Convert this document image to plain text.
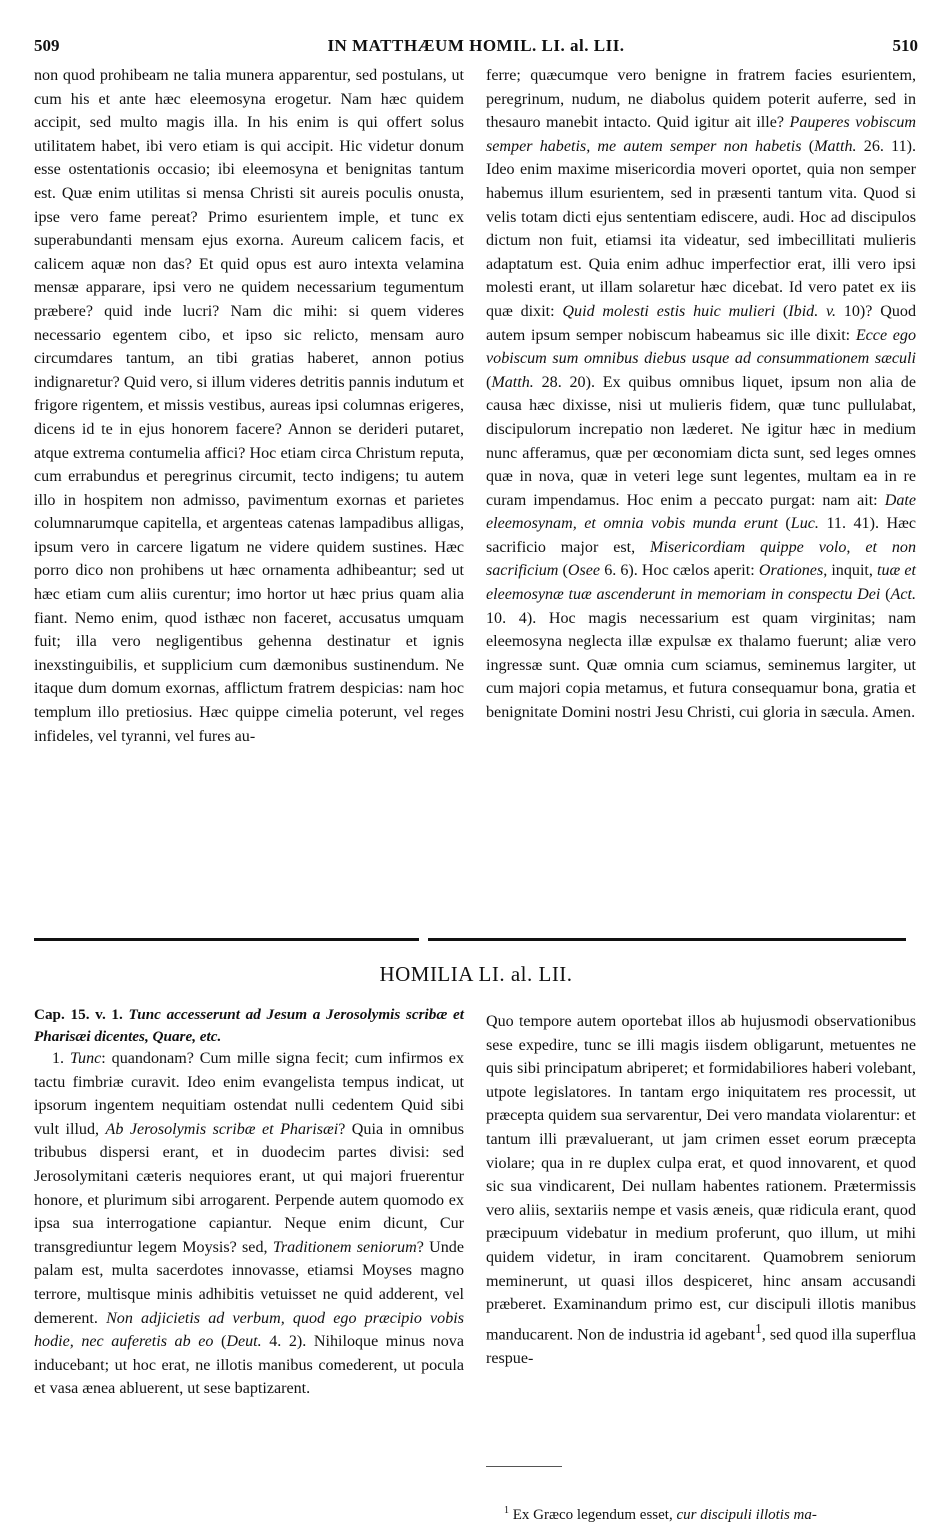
509	IN MATTHÆUM HOMIL. LI. al. LII.	510

non quod prohibeam ne talia munera apparentur, sed postulans, ut cum his et ante hæc eleemosyna erogetur. Nam hæc quidem accipit, sed multo magis illa. In his enim is qui offert solus utilitatem habet, ibi vero etiam is qui accipit. Hic videtur donum esse ostentationis occasio; ibi eleemosyna et benignitas tantum est. Quæ enim utilitas si mensa Christi sit aureis poculis onusta, ipse vero fame pereat? Primo esurientem imple, et tunc ex superabundanti mensam ejus exorna. Aureum calicem facis, et calicem aquæ non das? Et quid opus est auro intexta velamina mensæ apparare, ipsi vero ne quidem necessarium tegumentum præbere? quid inde lucri? Nam dic mihi: si quem videres necessario egentem cibo, et ipso sic relicto, mensam auro circumdares tantum, an tibi gratias haberet, annon potius indignaretur? Quid vero, si illum videres detritis pannis indutum et frigore rigentem, et missis vestibus, aureas ipsi columnas erigeres, dicens id te in ejus honorem facere? Annon se derideri putaret, atque extrema contumelia affici? Hoc etiam circa Christum reputa, cum errabundus et peregrinus circumit, tecto indigens; tu autem illo in hospitem non admisso, pavimentum exornas et parietes columnarumque capitella, et argenteas catenas lampadibus alligas, ipsum vero in carcere ligatum ne videre quidem sustines. Hæc porro dico non prohibens ut hæc ornamenta adhibeantur; sed ut hæc etiam cum aliis curentur; imo hortor ut hæc prius quam alia fiant. Nemo enim, quod isthæc non faceret, accusatus umquam fuit; illa vero negligentibus gehenna destinatur et ignis inexstinguibilis, et supplicium cum dæmonibus sustinendum. Ne itaque dum domum exornas, afflictum fratrem despicias: nam hoc templum illo pretiosius. Hæc quippe cimelia poterunt, vel reges infideles, vel tyranni, vel fures au-

ferre; quæcumque vero benigne in fratrem facies esurientem, peregrinum, nudum, ne diabolus quidem poterit auferre, sed in thesauro manebit intacto. Quid igitur ait ille? Pauperes vobiscum semper habetis, me autem semper non habetis (Matth. 26. 11). Ideo enim maxime misericordia moveri oportet, quia non semper habemus illum esurientem, sed in præsenti tantum vita. Quod si velis totam dicti ejus sententiam ediscere, audi. Hoc ad discipulos dictum non fuit, etiamsi ita videatur, sed imbecillitati mulieris adaptatum est. Quia enim adhuc imperfectior erat, illi vero ipsi molesti erant, ut illam solaretur hæc dicebat. Id vero patet ex iis quæ dixit: Quid molesti estis huic mulieri (Ibid. v. 10)? Quod autem ipsum semper nobiscum habeamus sic ille dixit: Ecce ego vobiscum sum omnibus diebus usque ad consummationem sæculi (Matth. 28. 20). Ex quibus omnibus liquet, ipsum non alia de causa hæc dixisse, nisi ut mulieris fidem, quæ tunc pullulabat, discipulorum increpatio non læderet. Ne igitur hæc in medium nunc afferamus, quæ per œconomiam dicta sunt, sed leges omnes quæ in nova, quæ in veteri lege sunt legentes, multam ea in re curam impendamus. Hoc enim a peccato purgat: nam ait: Date eleemosynam, et omnia vobis munda erunt (Luc. 11. 41). Hæc sacrificio major est, Misericordiam quippe volo, et non sacrificium (Osee 6. 6). Hoc cælos aperit: Orationes, inquit, tuæ et eleemosynæ tuæ ascenderunt in memoriam in conspectu Dei (Act. 10. 4). Hoc magis necessarium est quam virginitas; nam eleemosyna neglecta illæ expulsæ ex thalamo fuerunt; aliæ vero ingressæ sunt. Quæ omnia cum sciamus, seminemus largiter, ut cum majori copia metamus, et futura consequamur bona, gratia et benignitate Domini nostri Jesu Christi, cui gloria in sæcula. Amen.

HOMILIA LI. al. LII.

Cap. 15. v. 1. Tunc accesserunt ad Jesum a Jerosolymis scribæ et Pharisæi dicentes, Quare, etc.

1. Tunc: quandonam? Cum mille signa fecit; cum infirmos ex tactu fimbriæ curavit. Ideo enim evangelista tempus indicat, ut ipsorum ingentem nequitiam ostendat nulli cedentem Quid sibi vult illud, Ab Jerosolymis scribæ et Pharisæi? Quia in omnibus tribubus dispersi erant, et in duodecim partes divisi: sed Jerosolymitani cæteris nequiores erant, ut qui majori fruerentur honore, et plurimum sibi arrogarent. Perpende autem quomodo ex ipsa sua interrogatione capiantur. Neque enim dicunt, Cur transgrediuntur legem Moysis? sed, Traditionem seniorum? Unde palam est, multa sacerdotes innovasse, etiamsi Moyses magno terrore, multisque minis adhibitis vetuisset ne quid adderent, vel demerent. Non adjicietis ad verbum, quod ego præcipio vobis hodie, nec auferetis ab eo (Deut. 4. 2). Nihiloque minus nova inducebant; ut hoc erat, ne illotis manibus comederent, ut pocula et vasa ænea abluerent, ut sese baptizarent.

Quo tempore autem oportebat illos ab hujusmodi observationibus sese expedire, tunc se illi magis iisdem obligarunt, metuentes ne quis sibi principatum abriperet; et formidabiliores haberi volebant, utpote legislatores. In tantam ergo iniquitatem res processit, ut præcepta quidem sua servarentur, Dei vero mandata violarentur: et tantum illi prævaluerant, ut jam crimen esset eorum præcepta violare; qua in re duplex culpa erat, et quod innovarent, et quod sic sua vindicarent, Dei nullam habentes rationem. Prætermissis vero aliis, sextariis nempe et vasis æneis, quæ ridicula erant, quod præcipuum videbatur in medium proferunt, quo illum, ut mihi quidem videtur, in iram concitarent. Quamobrem seniorum meminerunt, ut quasi illos despiceret, hinc ansam accusandi præberet. Examinandum primo est, cur discipuli illotis manibus manducarent. Non de industria id agebant$^1$, sed quod illa superflua respue-

$^1$ Ex Græco legendum esset, cur discipuli illotis ma-
